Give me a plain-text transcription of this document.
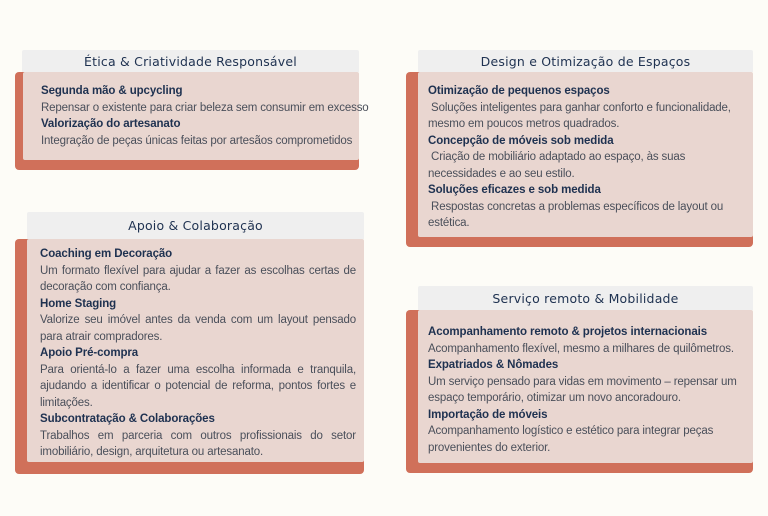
Ética & Criatividade Responsável
Segunda mão & upcycling
Repensar o existente para criar beleza sem consumir em excesso
Valorização do artesanato
Integração de peças únicas feitas por artesãos comprometidos
Design e Otimização de Espaços
Otimização de pequenos espaços
Soluções inteligentes para ganhar conforto e funcionalidade, mesmo em poucos metros quadrados.
Concepção de móveis sob medida
Criação de mobiliário adaptado ao espaço, às suas necessidades e ao seu estilo.
Soluções eficazes e sob medida
Respostas concretas a problemas específicos de layout ou estética.
Apoio & Colaboração
Coaching em Decoração
Um formato flexível para ajudar a fazer as escolhas certas de decoração com confiança.
Home Staging
Valorize seu imóvel antes da venda com um layout pensado para atrair compradores.
Apoio Pré-compra
Para orientá-lo a fazer uma escolha informada e tranquila, ajudando a identificar o potencial de reforma, pontos fortes e limitações.
Subcontratação & Colaborações
Trabalhos em parceria com outros profissionais do setor imobiliário, design, arquitetura ou artesanato.
Serviço remoto & Mobilidade
Acompanhamento remoto & projetos internacionais
Acompanhamento flexível, mesmo a milhares de quilômetros.
Expatriados & Nômades
Um serviço pensado para vidas em movimento – repensar um espaço temporário, otimizar um novo ancoradouro.
Importação de móveis
Acompanhamento logístico e estético para integrar peças provenientes do exterior.
